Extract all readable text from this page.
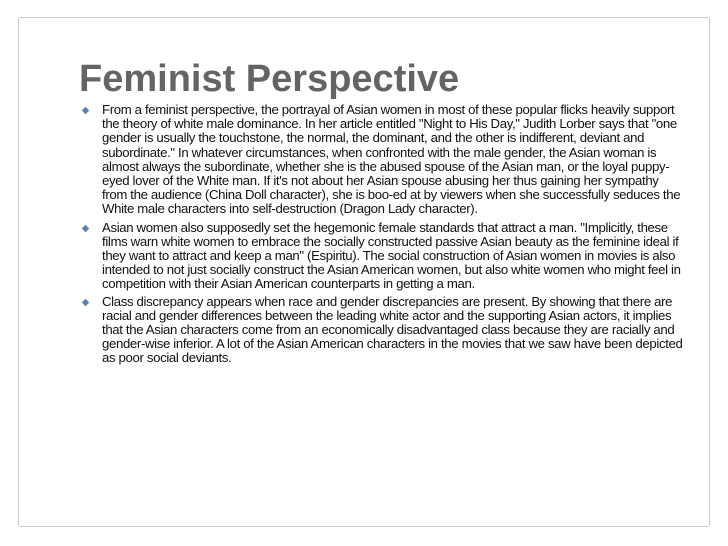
Feminist Perspective
From a feminist perspective, the portrayal of Asian women in most of these popular flicks heavily support the theory of white male dominance. In her article entitled "Night to His Day," Judith Lorber says that "one gender is usually the touchstone, the normal, the dominant, and the other is indifferent, deviant and subordinate." In whatever circumstances, when confronted with the male gender, the Asian woman is almost always the subordinate, whether she is the abused spouse of the Asian man, or the loyal puppy-eyed lover of the White man. If it's not about her Asian spouse abusing her thus gaining her sympathy from the audience (China Doll character), she is boo-ed at by viewers when she successfully seduces the White male characters into self-destruction (Dragon Lady character).
Asian women also supposedly set the hegemonic female standards that attract a man. "Implicitly, these films warn white women to embrace the socially constructed passive Asian beauty as the feminine ideal if they want to attract and keep a man" (Espiritu). The social construction of Asian women in movies is also intended to not just socially construct the Asian American women, but also white women who might feel in competition with their Asian American counterparts in getting a man.
Class discrepancy appears when race and gender discrepancies are present. By showing that there are racial and gender differences between the leading white actor and the supporting Asian actors, it implies that the Asian characters come from an economically disadvantaged class because they are racially and gender-wise inferior. A lot of the Asian American characters in the movies that we saw have been depicted as poor social deviants.
